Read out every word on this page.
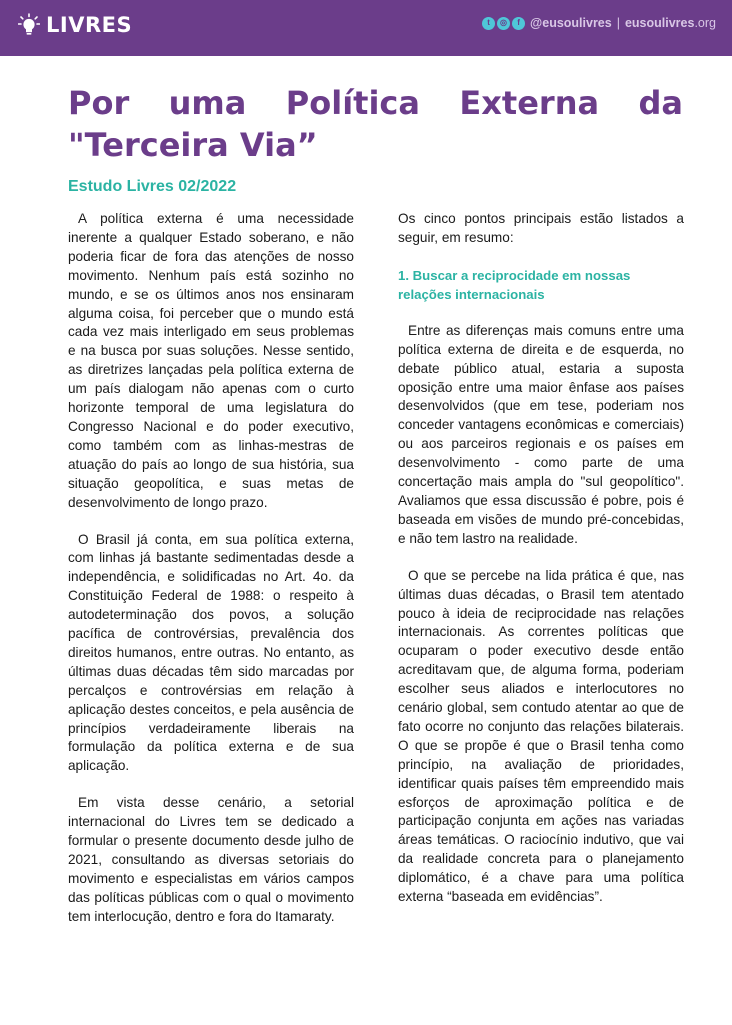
LIVRES	t	◎	f @eusoulivres | eusoulivres.org
Por uma Política Externa da "Terceira Via”
Estudo Livres 02/2022

A política externa é uma necessidade inerente a qualquer Estado soberano, e não poderia ficar de fora das atenções de nosso movimento. Nenhum país está sozinho no mundo, e se os últimos anos nos ensinaram alguma coisa, foi perceber que o mundo está cada vez mais interligado em seus problemas e na busca por suas soluções. Nesse sentido, as diretrizes lançadas pela política externa de um país dialogam não apenas com o curto horizonte temporal de uma legislatura do Congresso Nacional e do poder executivo, como também com as linhas-mestras de atuação do país ao longo de sua história, sua situação geopolítica, e suas metas de desenvolvimento de longo prazo.

O Brasil já conta, em sua política externa, com linhas já bastante sedimentadas desde a independência, e solidificadas no Art. 4o. da Constituição Federal de 1988: o respeito à autodeterminação dos povos, a solução pacífica de controvérsias, prevalência dos direitos humanos, entre outras. No entanto, as últimas duas décadas têm sido marcadas por percalços e controvérsias em relação à aplicação destes conceitos, e pela ausência de princípios verdadeiramente liberais na formulação da política externa e de sua aplicação.

Em vista desse cenário, a setorial internacional do Livres tem se dedicado a formular o presente documento desde julho de 2021, consultando as diversas setoriais do movimento e especialistas em vários campos das políticas públicas com o qual o movimento tem interlocução, dentro e fora do Itamaraty.

Os cinco pontos principais estão listados a seguir, em resumo:

1. Buscar a reciprocidade em nossas relações internacionais

Entre as diferenças mais comuns entre uma política externa de direita e de esquerda, no debate público atual, estaria a suposta oposição entre uma maior ênfase aos países desenvolvidos (que em tese, poderiam nos conceder vantagens econômicas e comerciais) ou aos parceiros regionais e os países em desenvolvimento - como parte de uma concertação mais ampla do "sul geopolítico". Avaliamos que essa discussão é pobre, pois é baseada em visões de mundo pré-concebidas, e não tem lastro na realidade.

O que se percebe na lida prática é que, nas últimas duas décadas, o Brasil tem atentado pouco à ideia de reciprocidade nas relações internacionais. As correntes políticas que ocuparam o poder executivo desde então acreditavam que, de alguma forma, poderiam escolher seus aliados e interlocutores no cenário global, sem contudo atentar ao que de fato ocorre no conjunto das relações bilaterais. O que se propõe é que o Brasil tenha como princípio, na avaliação de prioridades, identificar quais países têm empreendido mais esforços de aproximação política e de participação conjunta em ações nas variadas áreas temáticas. O raciocínio indutivo, que vai da realidade concreta para o planejamento diplomático, é a chave para uma política externa “baseada em evidências”.
